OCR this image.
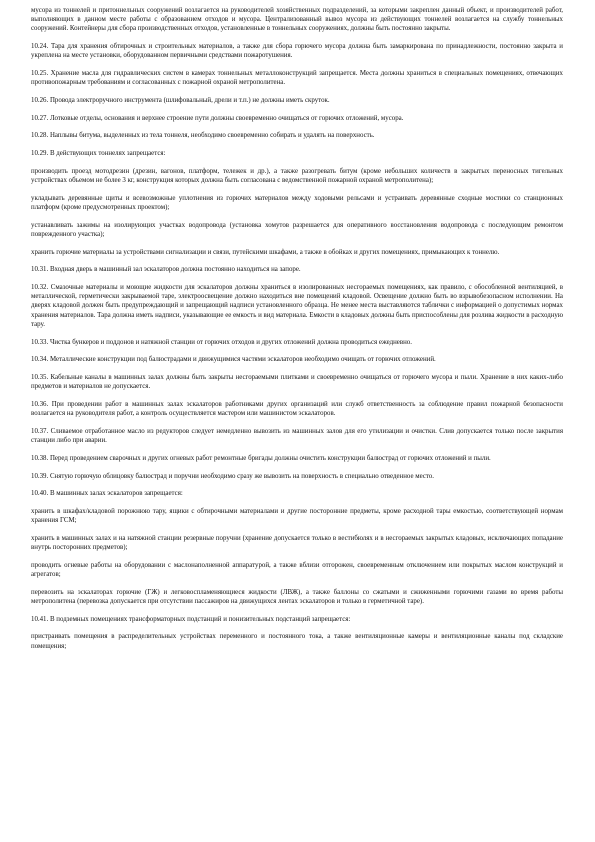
мусора из тоннелей и притоннельных сооружений возлагается на руководителей хозяйственных подразделений, за которыми закреплен данный объект, и производителей работ, выполняющих в данном месте работы с образованием отходов и мусора. Централизованный вывоз мусора из действующих тоннелей возлагается на службу тоннельных сооружений. Контейнеры для сбора производственных отходов, установленные в тоннельных сооружениях, должны быть постоянно закрыты.

10.24. Тара для хранения обтирочных и строительных материалов, а также для сбора горючего мусора должна быть замаркирована по принадлежности, постоянно закрыта и укреплена на месте установки, оборудованном первичными средствами пожаротушения.

10.25. Хранение масла для гидравлических систем в камерах тоннельных металлоконструкций запрещается. Места должны храниться в специальных помещениях, отвечающих противопожарным требованиям и согласованных с пожарной охраной метрополитена.

10.26. Провода электроручного инструмента (шлифовальный, дрели и т.п.) не должны иметь скруток.

10.27. Лотковые отделы, основания и верхнее строение пути должны своевременно очищаться от горючих отложений, мусора.

10.28. Наплывы битума, выделенных из тела тоннеля, необходимо своевременно собирать и удалять на поверхность.

10.29. В действующих тоннелях запрещается:

производить проезд мотодрезин (дрезин, вагонов, платформ, тележек и др.), а также разогревать битум (кроме небольших количеств в закрытых переносных тигельных устройствах объемом не более 3 кг, конструкция которых должна быть согласована с ведомственной пожарной охраной метрополитена);

укладывать деревянные щиты и всевозможные уплотнения из горючих материалов между ходовыми рельсами и устраивать деревянные сходные мостики со станционных платформ (кроме предусмотренных проектом);

устанавливать зажимы на изолирующих участках водопровода (установка хомутов разрешается для оперативного восстановления водопровода с последующим ремонтом поврежденного участка);

хранить горючие материалы за устройствами сигнализации и связи, путейскими шкафами, а также в обойках и других помещениях, примыкающих к тоннелю.

10.31. Входная дверь в машинный зал эскалаторов должна постоянно находиться на запоре.

10.32. Смазочные материалы и моющие жидкости для эскалаторов должны храниться в изолированных несгораемых помещениях, как правило, с обособленной вентиляцией, в металлической, герметически закрываемой таре, электроосвещение должно находиться вне помещений кладовой. Освещение должно быть во взрывобезопасном исполнении. На дверях кладовой должен быть предупреждающий и запрещающий надписи установленного образца. Не менее места выставляются таблички с информацией о допустимых нормах хранения материалов. Тара должна иметь надписи, указывающие ее емкость и вид материала. Емкости в кладовых должны быть приспособлены для розлива жидкости в расходную тару.

10.33. Чистка бункеров и поддонов и натяжной станции от горючих отходов и других отложений должна проводиться ежедневно.

10.34. Металлические конструкции под балюстрадами и движущимися частями эскалаторов необходимо очищать от горючих отложений.

10.35. Кабельные каналы в машинных залах должны быть закрыты несгораемыми плитками и своевременно очищаться от горючего мусора и пыли. Хранение в них каких-либо предметов и материалов не допускается.

10.36. При проведении работ в машинных залах эскалаторов работниками других организаций или служб ответственность за соблюдение правил пожарной безопасности возлагается на руководителя работ, а контроль осуществляется мастером или машинистом эскалаторов.

10.37. Сливаемое отработанное масло из редукторов следует немедленно вывозить из машинных залов для его утилизации и очистки. Слив допускается только после закрытия станции либо при аварии.

10.38. Перед проведением сварочных и других огневых работ ремонтные бригады должны очистить конструкции балюстрад от горючих отложений и пыли.

10.39. Снятую горючую облицовку балюстрад и поручни необходимо сразу же вывозить на поверхность в специально отведенное место.

10.40. В машинных залах эскалаторов запрещается:

хранить в шкафах/кладовой порожнюю тару, ящики с обтирочными материалами и другие посторонние предметы, кроме расходной тары емкостью, соответствующей нормам хранения ГСМ;

хранить в машинных залах и на натяжной станции резервные поручни (хранение допускается только в вестибюлях и в несгораемых закрытых кладовых, исключающих попадание внутрь посторонних предметов);

проводить огневые работы на оборудовании с маслонаполненной аппаратурой, а также вблизи отгорожен, своевременным отключением или покрытых маслом конструкций и агрегатов;

перевозить на эскалаторах горючие (ГЖ) и легковоспламеняющиеся жидкости (ЛВЖ), а также баллоны со сжатыми и сжиженными горючими газами во время работы метрополитена (перевозка допускается при отсутствии пассажиров на движущихся лентах эскалаторов и только в герметичной таре).

10.41. В подземных помещениях трансформаторных подстанций и понизительных подстанций запрещается:

пристраивать помещения в распределительных устройствах переменного и постоянного тока, а также вентиляционные камеры и вентиляционные каналы под складские помещения;
